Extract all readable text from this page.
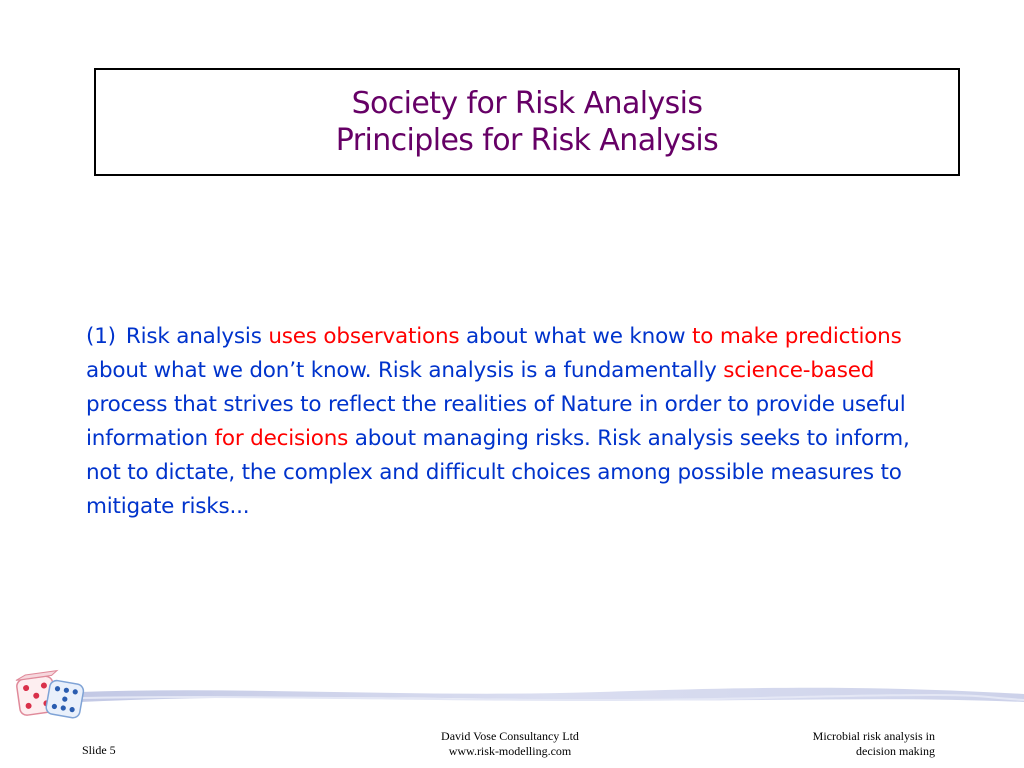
Society for Risk Analysis
Principles for Risk Analysis
(1) Risk analysis uses observations about what we know to make predictions about what we don’t know. Risk analysis is a fundamentally science-based process that strives to reflect the realities of Nature in order to provide useful information for decisions about managing risks. Risk analysis seeks to inform, not to dictate, the complex and difficult choices among possible measures to mitigate risks...
Slide 5
David Vose Consultancy Ltd
www.risk-modelling.com
Microbial risk analysis in
decision making
